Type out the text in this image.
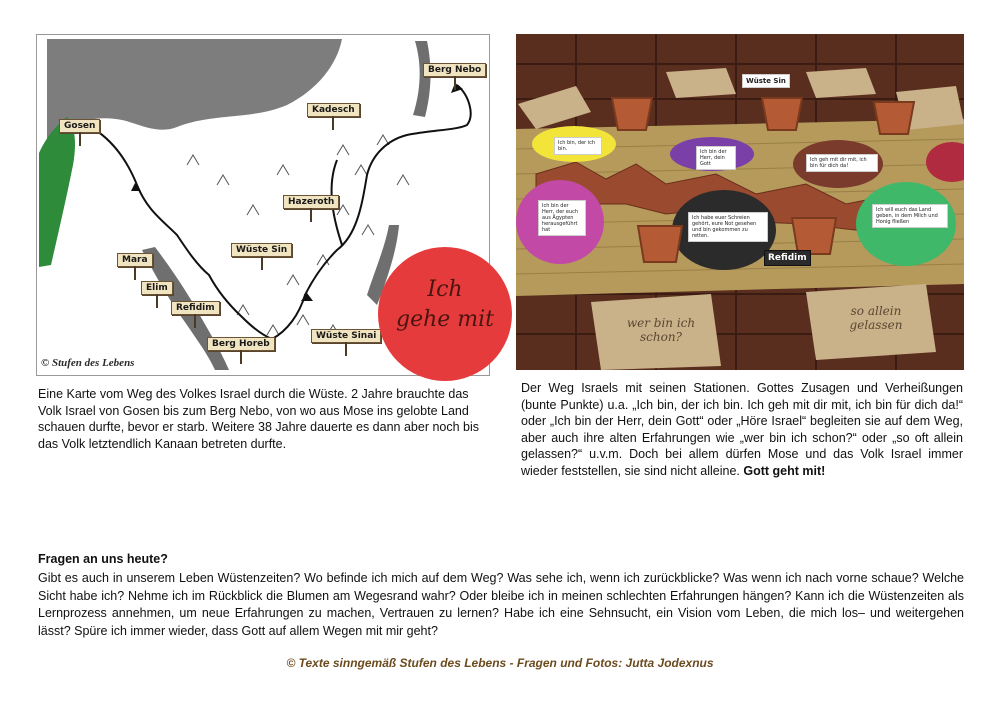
Gosen
Kadesch
Berg Nebo
Hazeroth
Wüste Sin
Mara
Elim
Refidim
Berg Horeb
Wüste Sinai
© Stufen des Lebens
Ich
gehe mit
Ich bin, der ich bin.	Ich bin der Herr, dein Gott
Ich geh mit dir mit, ich bin für dich da!
Ich bin der Herr, der euch aus Ägypten herausgeführt hat
Ich habe euer Schreien gehört, eure Not gesehen und bin gekommen zu retten.
Ich will euch das Land geben, in dem Milch und Honig fließen
Wüste Sin
Refidim
wer bin ich schon?
so allein gelassen
Eine Karte vom Weg des Volkes Israel durch die Wüste. 2 Jahre brauchte das Volk Israel von Gosen bis zum Berg Nebo, von wo aus Mose ins gelobte Land schauen durfte, bevor er starb. Weitere 38 Jahre dauerte es dann aber noch bis das Volk letztendlich Kanaan betreten durfte.
Der Weg Israels mit seinen Stationen. Gottes Zusagen und Verheißungen (bunte Punkte) u.a. „Ich bin, der ich bin. Ich geh mit dir mit, ich bin für dich da!“ oder „Ich bin der Herr, dein Gott“ oder „Höre Israel“ begleiten sie auf dem Weg, aber auch ihre alten Erfahrungen wie „wer bin ich schon?“ oder „so oft allein gelassen?“ u.v.m. Doch bei allem dürfen Mose und das Volk Israel immer wieder feststellen, sie sind nicht alleine. Gott geht mit!
Fragen an uns heute?
Gibt es auch in unserem Leben Wüstenzeiten? Wo befinde ich mich auf dem Weg? Was sehe ich, wenn ich zurückblicke? Was wenn ich nach vorne schaue? Welche Sicht habe ich? Nehme ich im Rückblick die Blumen am Wegesrand wahr? Oder bleibe ich in meinen schlechten Erfahrungen hängen? Kann ich die Wüstenzeiten als Lernprozess annehmen, um neue Erfahrungen zu machen, Vertrauen zu lernen? Habe ich eine Sehnsucht, ein Vision vom Leben, die mich los– und weitergehen lässt? Spüre ich immer wieder, dass Gott auf allem Wegen mit mir geht?
© Texte sinngemäß Stufen des Lebens - Fragen und Fotos: Jutta Jodexnus
